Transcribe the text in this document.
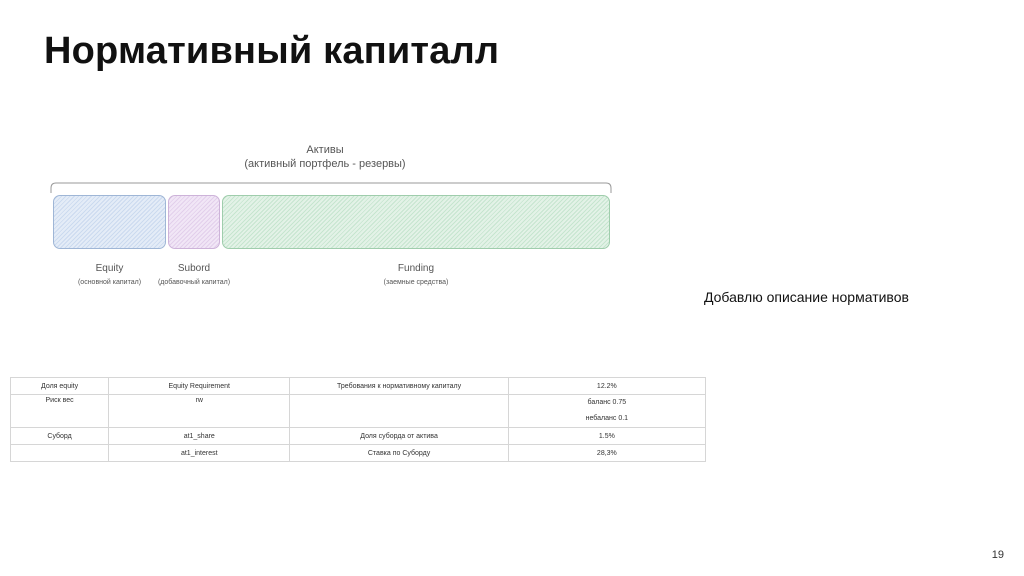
Нормативный капиталл
Активы
(активный портфель - резервы)
Equity
(основной капитал)
Subord
(добавочный капитал)
Funding
(заемные средства)
Добавлю описание нормативов
Доля equity	Equity Requirement	Требования к нормативному капиталу	12.2%
Риск вес	rw		баланс 0.75
небаланс 0.1

Суборд	at1_share	Доля суборда от актива	1.5%
	at1_interest	Ставка по Суборду	28,3%
19
